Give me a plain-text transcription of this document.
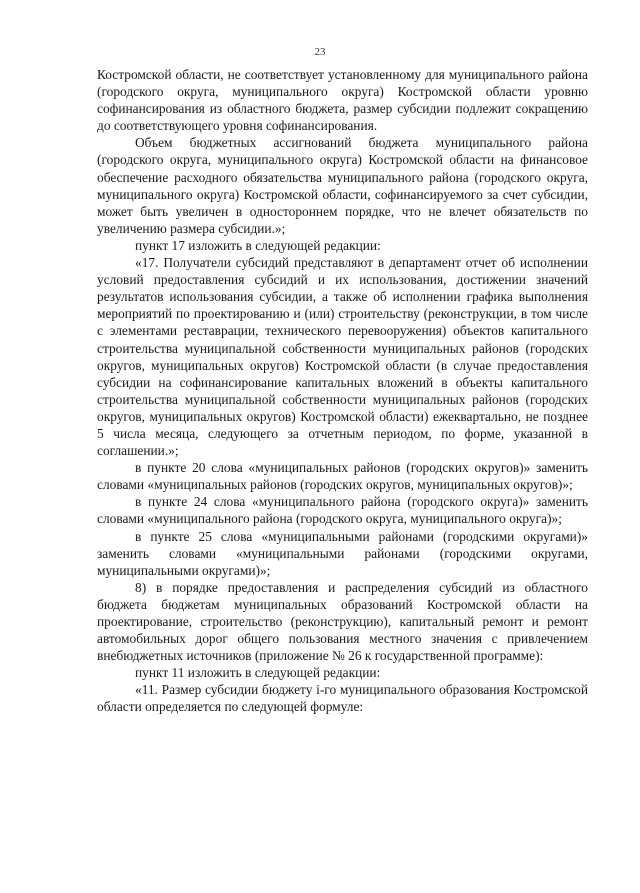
23

Костромской области, не соответствует установленному для муниципального района (городского округа, муниципального округа) Костромской области уровню софинансирования из областного бюджета, размер субсидии подлежит сокращению до соответствующего уровня софинансирования.

Объем бюджетных ассигнований бюджета муниципального района (городского округа, муниципального округа) Костромской области на финансовое обеспечение расходного обязательства муниципального района (городского округа, муниципального округа) Костромской области, софинансируемого за счет субсидии, может быть увеличен в одностороннем порядке, что не влечет обязательств по увеличению размера субсидии.»;

пункт 17 изложить в следующей редакции:

«17. Получатели субсидий представляют в департамент отчет об исполнении условий предоставления субсидий и их использования, достижении значений результатов использования субсидии, а также об исполнении графика выполнения мероприятий по проектированию и (или) строительству (реконструкции, в том числе с элементами реставрации, технического перевооружения) объектов капитального строительства муниципальной собственности муниципальных районов (городских округов, муниципальных округов) Костромской области (в случае предоставления субсидии на софинансирование капитальных вложений в объекты капитального строительства муниципальной собственности муниципальных районов (городских округов, муниципальных округов) Костромской области) ежеквартально, не позднее 5 числа месяца, следующего за отчетным периодом, по форме, указанной в соглашении.»;

в пункте 20 слова «муниципальных районов (городских округов)» заменить словами «муниципальных районов (городских округов, муниципальных округов)»;

в пункте 24 слова «муниципального района (городского округа)» заменить словами «муниципального района (городского округа, муниципального округа)»;

в пункте 25 слова «муниципальными районами (городскими округами)» заменить словами «муниципальными районами (городскими округами, муниципальными округами)»;

8) в порядке предоставления и распределения субсидий из областного бюджета бюджетам муниципальных образований Костромской области на проектирование, строительство (реконструкцию), капитальный ремонт и ремонт автомобильных дорог общего пользования местного значения с привлечением внебюджетных источников (приложение № 26 к государственной программе):

пункт 11 изложить в следующей редакции:

«11. Размер субсидии бюджету i-го муниципального образования Костромской области определяется по следующей формуле:
